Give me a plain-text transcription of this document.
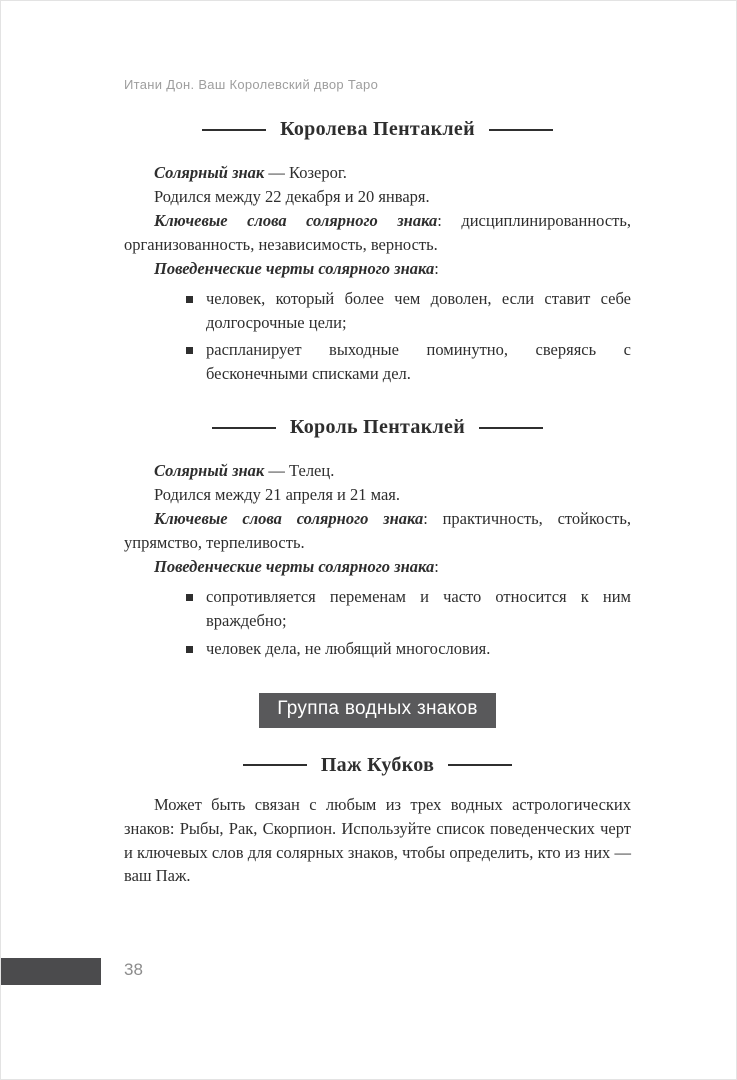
Итани Дон. Ваш Королевский двор Таро
Королева Пентаклей

Солярный знак — Козерог.

Родился между 22 декабря и 20 января.

Ключевые слова солярного знака: дисциплинированность, организованность, независимость, верность.

Поведенческие черты солярного знака:

человек, который более чем доволен, если ставит себе долгосрочные цели;
распланирует выходные поминутно, сверяясь с бесконечными списками дел.
Король Пентаклей

Солярный знак — Телец.

Родился между 21 апреля и 21 мая.

Ключевые слова солярного знака: практичность, стойкость, упрямство, терпеливость.

Поведенческие черты солярного знака:

сопротивляется переменам и часто относится к ним враждебно;
человек дела, не любящий многословия.
Группа водных знаков
Паж Кубков

Может быть связан с любым из трех водных астрологических знаков: Рыбы, Рак, Скорпион. Используйте список поведенческих черт и ключевых слов для солярных знаков, чтобы определить, кто из них — ваш Паж.

38
